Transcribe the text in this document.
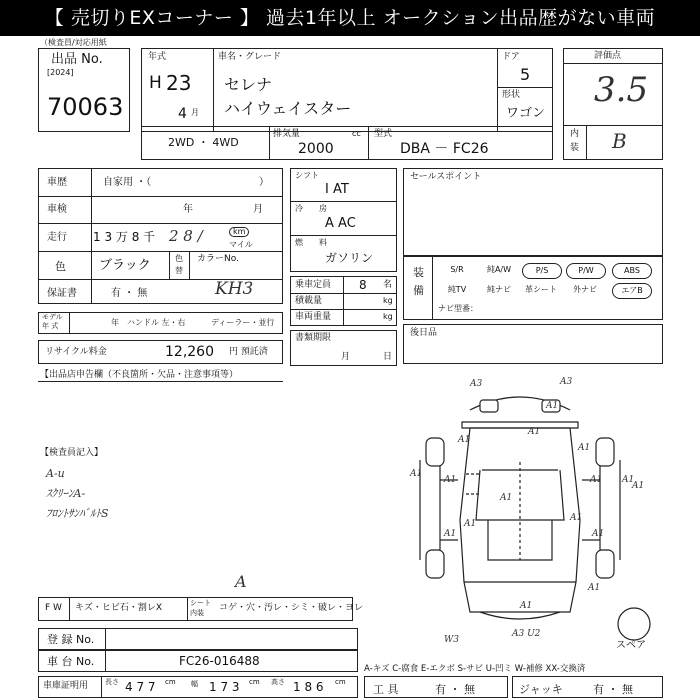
【 売切りEXコーナー 】 過去1年以上 オークション出品歴がない車両
（検査員/対応用紙
出品 No.
[2024]
70063
年式
H 23
4 月
車名・グレード
セレナ
ハイウェイスター
ドア
5
形状
ワゴン
評価点
3.5
内
装 B
2WD ・ 4WD
排気量	cc
2000
型式
DBA － FC26
車歴	自家用 ・（	）
車検	年	月
走行 1 3 万 8 千 2 8 /	km
マイル
色	ブラック	色
替
カラーNo.
KH3
保証書	有 ・ 無
モデル
年 式	年 ハンドル 左・右	ディーラー・並行
リサイクル料金	12,260 円 預託済
シフト
I AT
冷 房
A AC
燃 料
ガソリン
乗車定員 8 名
積載量	kg
車両重量	kg
書類期限
月	日
セールスポイント
装
備
S/R	純A/W	P/S	P/W	ABS
純TV	純ナビ	革シート	外ナビ	エアB
ナビ型番：
後日品
【出品店申告欄（不良箇所・欠品・注意事項等）
【検査員記入】
A-u
ｽｸﾘｰﾝA-
ﾌﾛﾝﾄｻﾝﾊﾞﾙﾄS
A3	A3
A1
A1
A1
A1
A1
A1	A1
A1
A1
A1
A1	A1
A1
A1
W3
A3 U2
A1
A1
スペア
F W キズ・ヒビ石・割レX	シート
内装 コゲ・穴・汚レ・シミ・破レ・ヨレ
A
登 録 No.
車 台 No.	FC26-016488
A-キズ C-腐食 E-エクボ S-サビ U-凹ミ W-補修 XX-交換済
車庫証明用 長さ 4 7 7 cm 幅 1 7 3 cm 高さ 1 8 6 cm
工 具	有 ・ 無	ジャッキ	有 ・ 無
